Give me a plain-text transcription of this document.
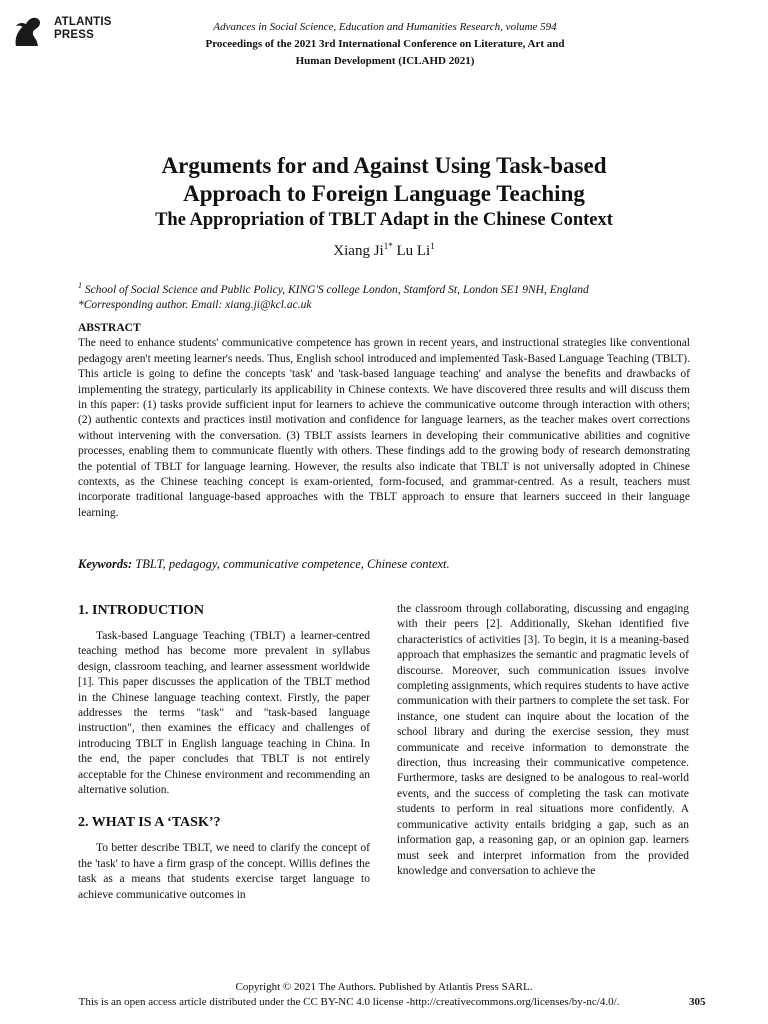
ATLANTIS
PRESS
Advances in Social Science, Education and Humanities Research, volume 594
Proceedings of the 2021 3rd International Conference on Literature, Art and
Human Development (ICLAHD 2021)

Arguments for and Against Using Task-based

Approach to Foreign Language Teaching

The Appropriation of TBLT Adapt in the Chinese Context

Xiang $Ji^{1*}$ Lu Li$^1$
$^1$ School of Social Science and Public Policy, KING'S college London, Stamford St, London SE1 9NH, England
*Corresponding author. Email: xiang.ji@kcl.ac.uk

ABSTRACT

The need to enhance students' communicative competence has grown in recent years, and instructional strategies like conventional pedagogy aren't meeting learner's needs. Thus, English school introduced and implemented Task-Based Language Teaching (TBLT). This article is going to define the concepts 'task' and 'task-based language teaching' and analyse the benefits and drawbacks of implementing the strategy, particularly its applicability in Chinese contexts. We have discovered three results and will discuss them in this paper: (1) tasks provide sufficient input for learners to achieve the communicative outcome through interaction with others; (2) authentic contexts and practices instil motivation and confidence for language learners, as the teacher makes overt corrections without intervening with the conversation. (3) TBLT assists learners in developing their communicative abilities and cognitive processes, enabling them to communicate fluently with others. These findings add to the growing body of research demonstrating the potential of TBLT for language learning. However, the results also indicate that TBLT is not universally adopted in Chinese contexts, as the Chinese teaching concept is exam-oriented, form-focused, and grammar-centred. As a result, teachers must incorporate traditional language-based approaches with the TBLT approach to ensure that learners succeed in their language learning.

Keywords: TBLT, pedagogy, communicative competence, Chinese context.
1. INTRODUCTION

Task-based Language Teaching (TBLT) a learner-centred teaching method has become more prevalent in syllabus design, classroom teaching, and learner assessment worldwide [1]. This paper discusses the application of the TBLT method in the Chinese language teaching context. Firstly, the paper addresses the terms "task" and "task-based language instruction", then examines the efficacy and challenges of introducing TBLT in English language teaching in China. In the end, the paper concludes that TBLT is not entirely acceptable for the Chinese environment and recommending an alternative solution.

2. WHAT IS A ‘TASK’?

To better describe TBLT, we need to clarify the concept of the 'task' to have a firm grasp of the concept. Willis defines the task as a means that students exercise target language to achieve communicative outcomes in

the classroom through collaborating, discussing and engaging with their peers [2]. Additionally, Skehan identified five characteristics of activities [3]. To begin, it is a meaning-based approach that emphasizes the semantic and pragmatic levels of discourse. Moreover, such communication issues involve completing assignments, which requires students to have active communication with their partners to complete the set task. For instance, one student can inquire about the location of the school library and during the exercise session, they must communicate and receive information to demonstrate the direction, thus increasing their communicative competence. Furthermore, tasks are designed to be analogous to real-world events, and the success of completing the task can motivate students to perform in real situations more confidently. A communicative activity entails bridging a gap, such as an information gap, a reasoning gap, or an opinion gap. learners must seek and interpret information from the provided knowledge and conversation to achieve the

Copyright © 2021 The Authors. Published by Atlantis Press SARL.
This is an open access article distributed under the CC BY-NC 4.0 license -http://creativecommons.org/licenses/by-nc/4.0/.	305
